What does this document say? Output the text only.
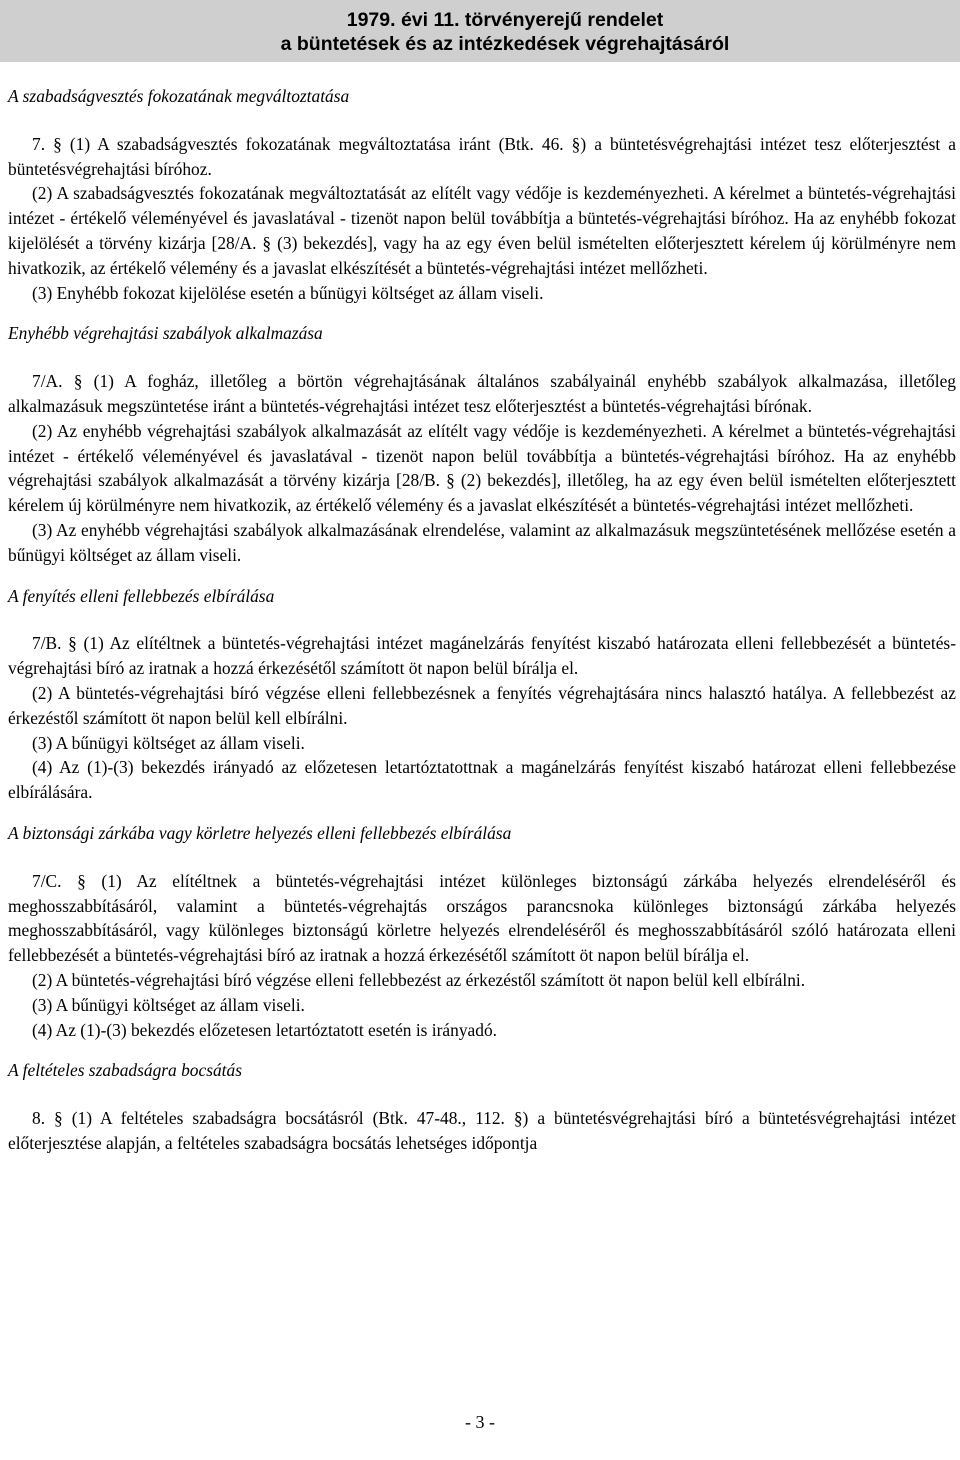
1979. évi 11. törvényerejű rendelet
a büntetések és az intézkedések végrehajtásáról
A szabadságvesztés fokozatának megváltoztatása

7. § (1) A szabadságvesztés fokozatának megváltoztatása iránt (Btk. 46. §) a büntetésvégrehajtási intézet tesz előterjesztést a büntetésvégrehajtási bíróhoz.

(2) A szabadságvesztés fokozatának megváltoztatását az elítélt vagy védője is kezdeményezheti. A kérelmet a büntetés-végrehajtási intézet - értékelő véleményével és javaslatával - tizenöt napon belül továbbítja a büntetés-végrehajtási bíróhoz. Ha az enyhébb fokozat kijelölését a törvény kizárja [28/A. § (3) bekezdés], vagy ha az egy éven belül ismételten előterjesztett kérelem új körülményre nem hivatkozik, az értékelő vélemény és a javaslat elkészítését a büntetés-végrehajtási intézet mellőzheti.

(3) Enyhébb fokozat kijelölése esetén a bűnügyi költséget az állam viseli.

Enyhébb végrehajtási szabályok alkalmazása

7/A. § (1) A fogház, illetőleg a börtön végrehajtásának általános szabályainál enyhébb szabályok alkalmazása, illetőleg alkalmazásuk megszüntetése iránt a büntetés-végrehajtási intézet tesz előterjesztést a büntetés-végrehajtási bírónak.

(2) Az enyhébb végrehajtási szabályok alkalmazását az elítélt vagy védője is kezdeményezheti. A kérelmet a büntetés-végrehajtási intézet - értékelő véleményével és javaslatával - tizenöt napon belül továbbítja a büntetés-végrehajtási bíróhoz. Ha az enyhébb végrehajtási szabályok alkalmazását a törvény kizárja [28/B. § (2) bekezdés], illetőleg, ha az egy éven belül ismételten előterjesztett kérelem új körülményre nem hivatkozik, az értékelő vélemény és a javaslat elkészítését a büntetés-végrehajtási intézet mellőzheti.

(3) Az enyhébb végrehajtási szabályok alkalmazásának elrendelése, valamint az alkalmazásuk megszüntetésének mellőzése esetén a bűnügyi költséget az állam viseli.

A fenyítés elleni fellebbezés elbírálása

7/B. § (1) Az elítéltnek a büntetés-végrehajtási intézet magánelzárás fenyítést kiszabó határozata elleni fellebbezését a büntetés-végrehajtási bíró az iratnak a hozzá érkezésétől számított öt napon belül bírálja el.

(2) A büntetés-végrehajtási bíró végzése elleni fellebbezésnek a fenyítés végrehajtására nincs halasztó hatálya. A fellebbezést az érkezéstől számított öt napon belül kell elbírálni.

(3) A bűnügyi költséget az állam viseli.

(4) Az (1)-(3) bekezdés irányadó az előzetesen letartóztatottnak a magánelzárás fenyítést kiszabó határozat elleni fellebbezése elbírálására.

A biztonsági zárkába vagy körletre helyezés elleni fellebbezés elbírálása

7/C. § (1) Az elítéltnek a büntetés-végrehajtási intézet különleges biztonságú zárkába helyezés elrendeléséről és meghosszabbításáról, valamint a büntetés-végrehajtás országos parancsnoka különleges biztonságú zárkába helyezés meghosszabbításáról, vagy különleges biztonságú körletre helyezés elrendeléséről és meghosszabbításáról szóló határozata elleni fellebbezését a büntetés-végrehajtási bíró az iratnak a hozzá érkezésétől számított öt napon belül bírálja el.

(2) A büntetés-végrehajtási bíró végzése elleni fellebbezést az érkezéstől számított öt napon belül kell elbírálni.

(3) A bűnügyi költséget az állam viseli.

(4) Az (1)-(3) bekezdés előzetesen letartóztatott esetén is irányadó.

A feltételes szabadságra bocsátás

8. § (1) A feltételes szabadságra bocsátásról (Btk. 47-48., 112. §) a büntetésvégrehajtási bíró a büntetésvégrehajtási intézet előterjesztése alapján, a feltételes szabadságra bocsátás lehetséges időpontja

- 3 -
